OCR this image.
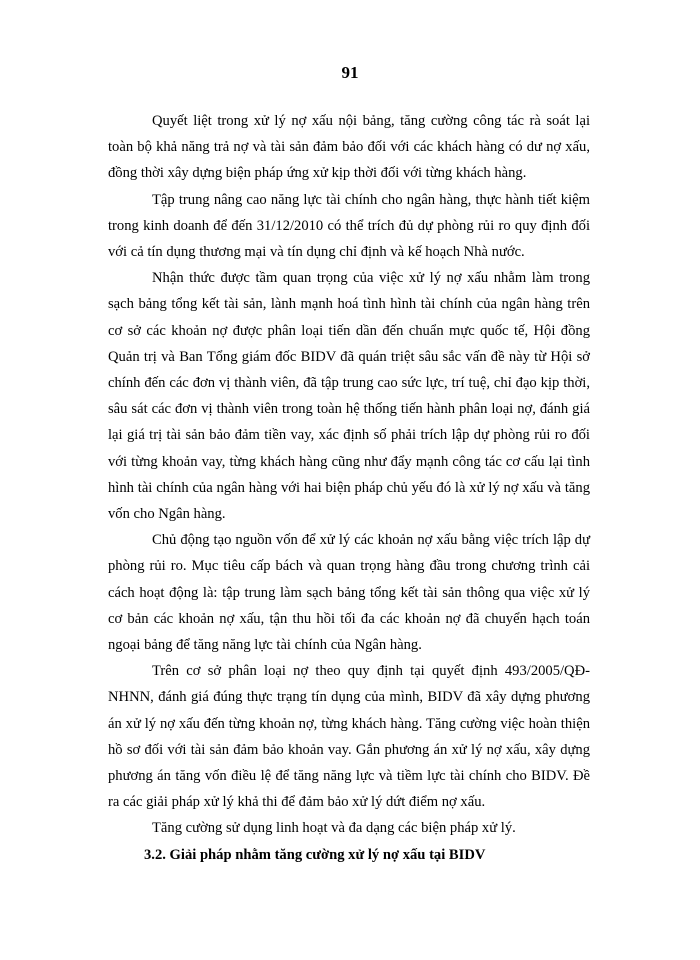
91

Quyết liệt trong xử lý nợ xấu nội bảng, tăng cường công tác rà soát lại toàn bộ khả năng trả nợ và tài sản đảm bảo đối với các khách hàng có dư nợ xấu, đồng thời xây dựng biện pháp ứng xử kịp thời đối với từng khách hàng.

Tập trung nâng cao năng lực tài chính cho ngân hàng, thực hành tiết kiệm trong kinh doanh để đến 31/12/2010 có thể trích đủ dự phòng rủi ro quy định đối với cả tín dụng thương mại và tín dụng chỉ định và kế hoạch Nhà nước.

Nhận thức được tầm quan trọng của việc xử lý nợ xấu nhằm làm trong sạch bảng tổng kết tài sản, lành mạnh hoá tình hình tài chính của ngân hàng trên cơ sở các khoản nợ được phân loại tiến dần đến chuẩn mực quốc tế, Hội đồng Quản trị và Ban Tổng giám đốc BIDV đã quán triệt sâu sắc vấn đề này từ Hội sở chính đến các đơn vị thành viên, đã tập trung cao sức lực, trí tuệ, chỉ đạo kịp thời, sâu sát các đơn vị thành viên trong toàn hệ thống tiến hành phân loại nợ, đánh giá lại giá trị tài sản bảo đảm tiền vay, xác định số phải trích lập dự phòng rủi ro đối với từng khoản vay, từng khách hàng cũng như đẩy mạnh công tác cơ cấu lại tình hình tài chính của ngân hàng với hai biện pháp chủ yếu đó là xử lý nợ xấu và tăng vốn cho Ngân hàng.

Chủ động tạo nguồn vốn để xử lý các khoản nợ xấu bằng việc trích lập dự phòng rủi ro. Mục tiêu cấp bách và quan trọng hàng đầu trong chương trình cải cách hoạt động là: tập trung làm sạch bảng tổng kết tài sản thông qua việc xử lý cơ bản các khoản nợ xấu, tận thu hồi tối đa các khoản nợ đã chuyển hạch toán ngoại bảng để tăng năng lực tài chính của Ngân hàng.

Trên cơ sở phân loại nợ theo quy định tại quyết định 493/2005/QĐ-NHNN, đánh giá đúng thực trạng tín dụng của mình, BIDV đã xây dựng phương án xử lý nợ xấu đến từng khoản nợ, từng khách hàng. Tăng cường việc hoàn thiện hồ sơ đối với tài sản đảm bảo khoản vay. Gắn phương án xử lý nợ xấu, xây dựng phương án tăng vốn điều lệ để tăng năng lực và tiềm lực tài chính cho BIDV. Đề ra các giải pháp xử lý khả thi để đảm bảo xử lý dứt điểm nợ xấu.

Tăng cường sử dụng linh hoạt và đa dạng các biện pháp xử lý.

3.2. Giải pháp nhằm tăng cường xử lý nợ xấu tại BIDV
